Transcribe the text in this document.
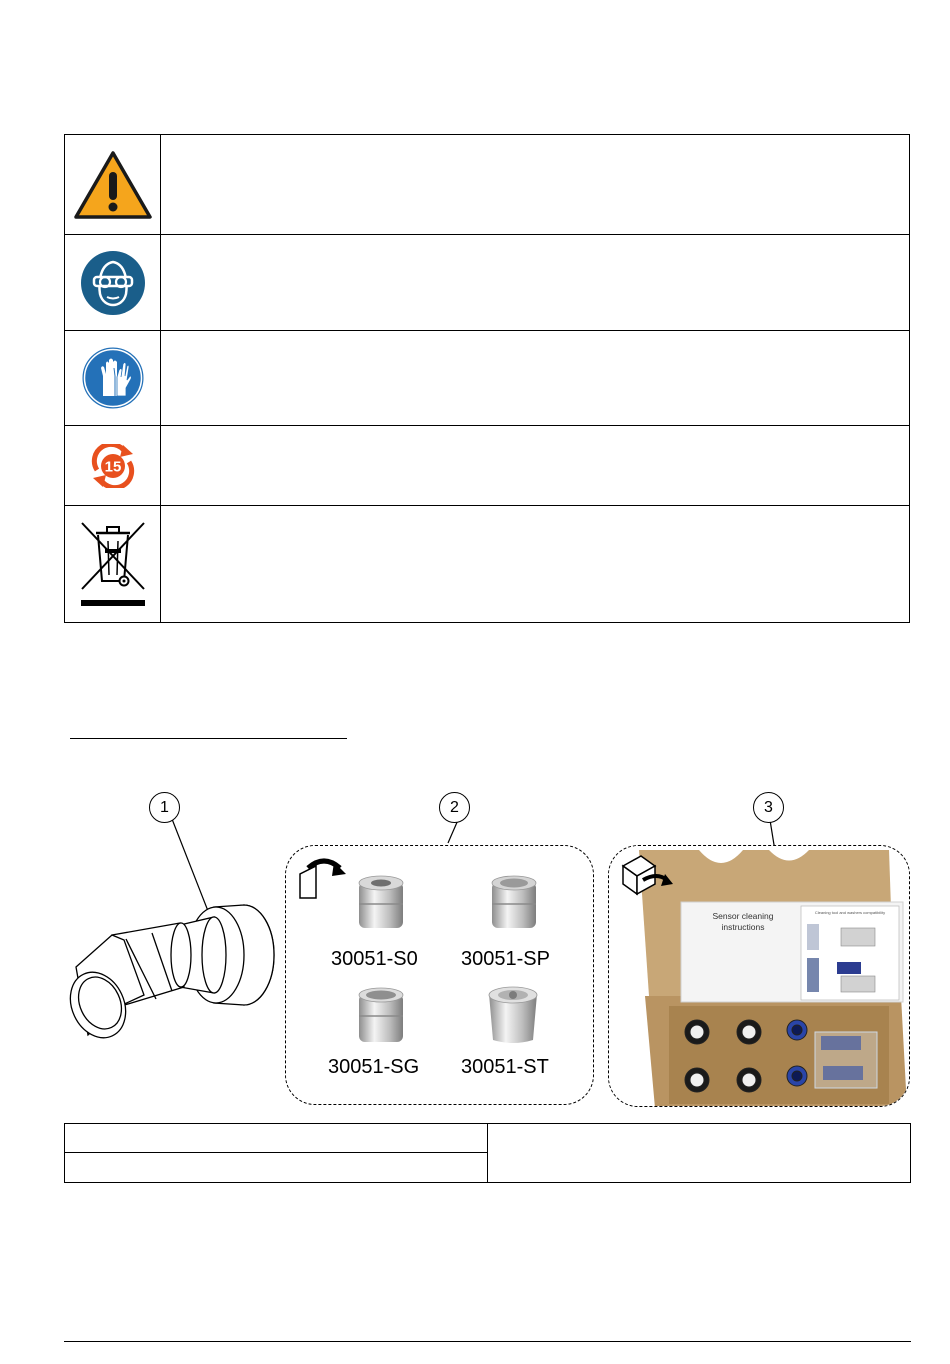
15
1	2	3
30051-S0 30051-SP
30051-SG 30051-ST
Sensor cleaning
instructions
Cleaning tool and washers compatibility
